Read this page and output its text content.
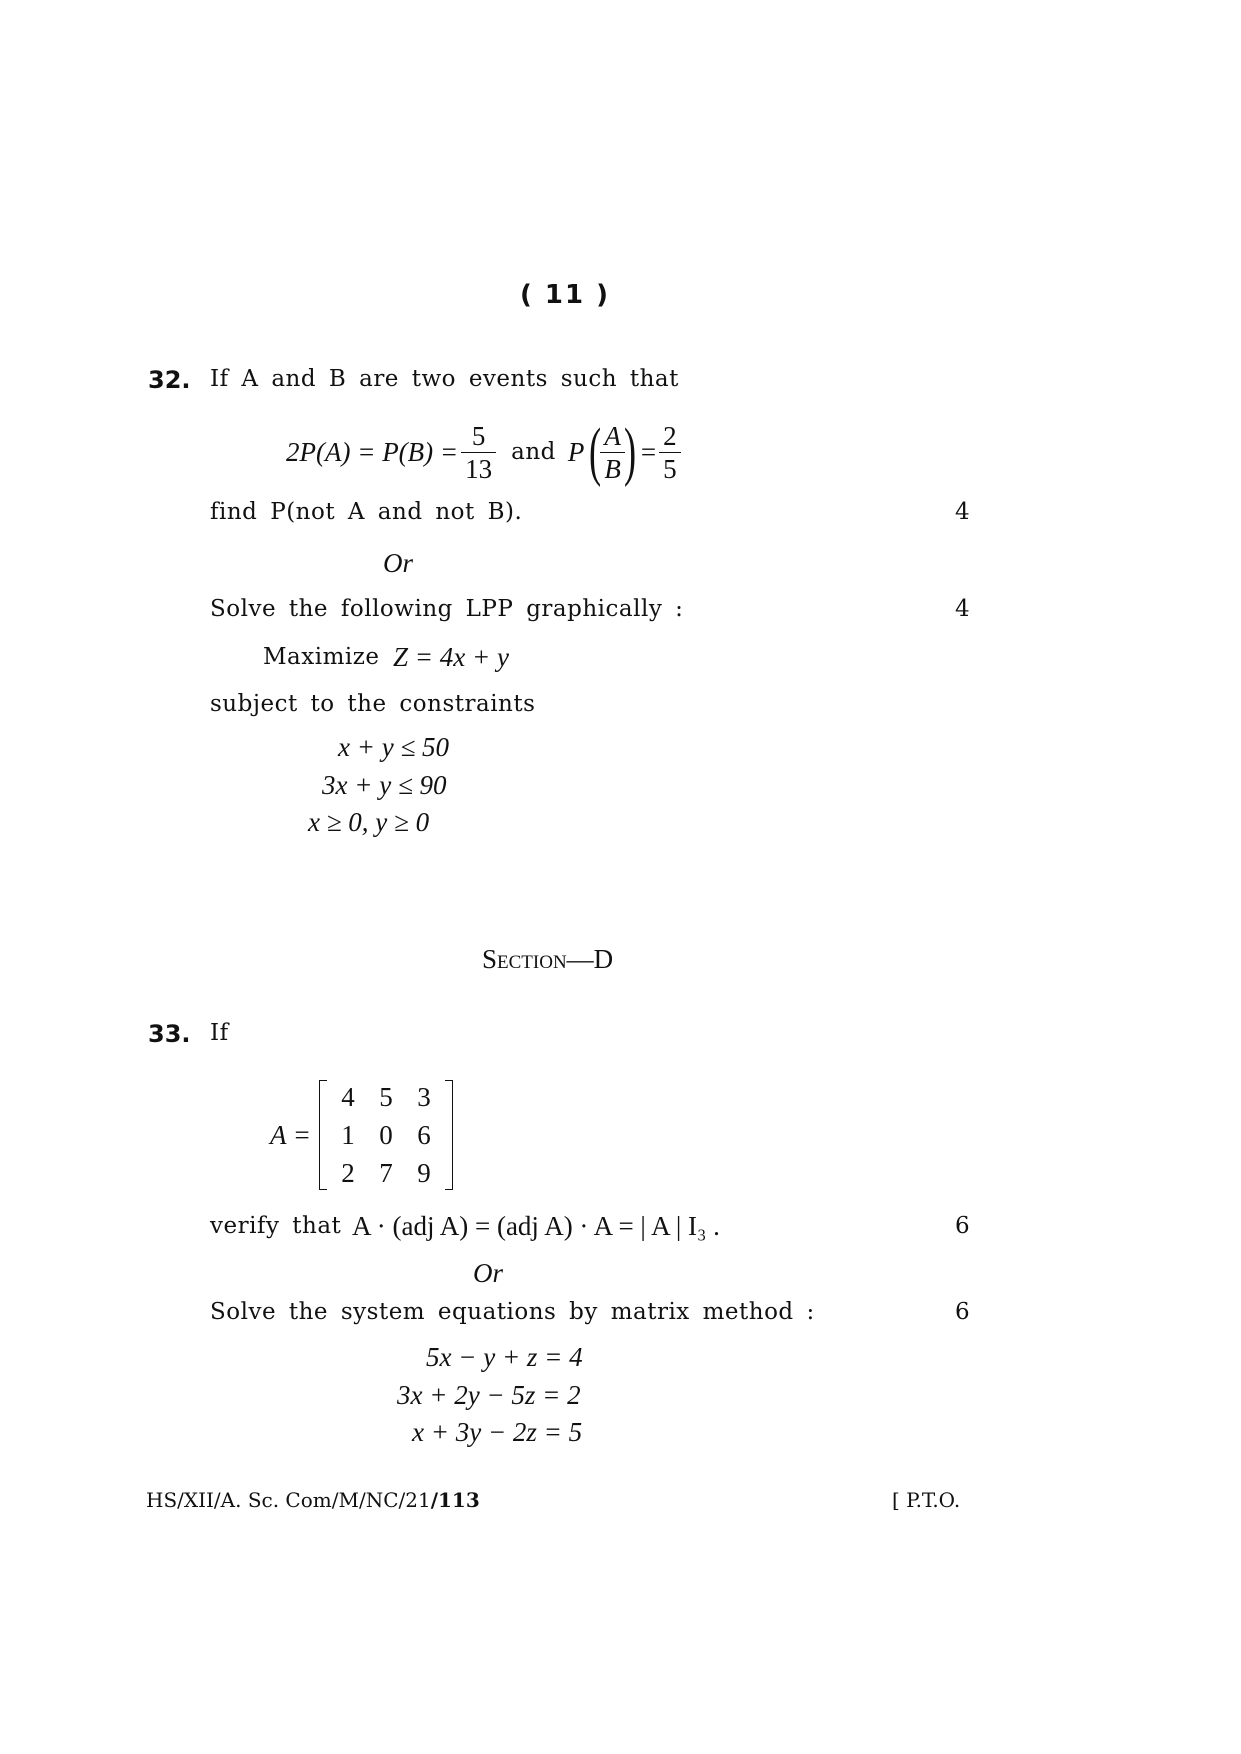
( 11 )
32. If A and B are two events such that
$2P(A) = P(B) = \frac{5}{13}$ and P (
$\frac{A}{B}$
) = $\frac{2}{5}$
find P(not A and not B).	4
Or
Solve the following LPP graphically :	4
Maximize Z = 4x + y
subject to the constraints
x + y ≤ 50
3x + y ≤ 90
x ≥ 0, y ≥ 0
Section—D
33. If
A =
4	5	3
1	0	6
2	7	9
verify that A · (adj A) = (adj A) · A = | A | I₃ .	6
Or
Solve the system equations by matrix method :	6
5x − y + z = 4
3x + 2y − 5z = 2
x + 3y − 2z = 5
HS/XII/A. Sc. Com/M/NC/21/113	[ P.T.O.
